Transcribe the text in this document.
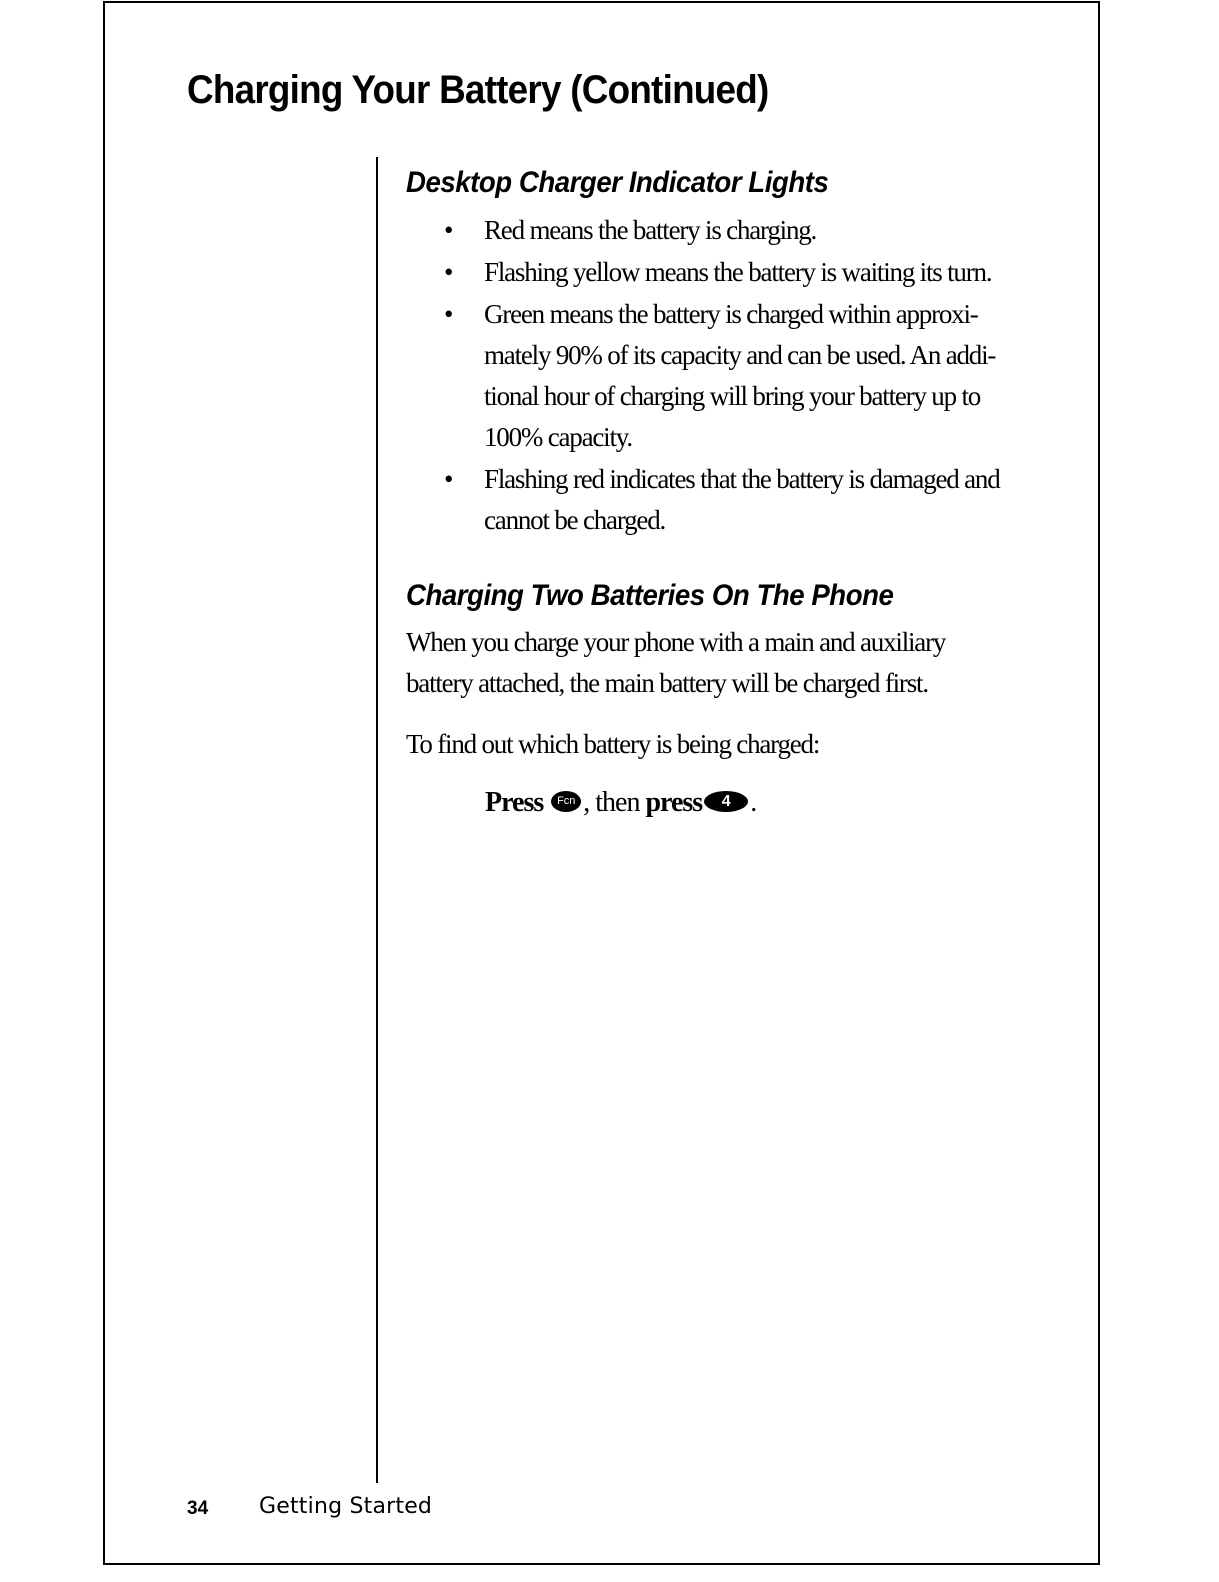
Charging Your Battery (Continued)
Desktop Charger Indicator Lights
• Red means the battery is charging.
• Flashing yellow means the battery is waiting its turn.
• Green means the battery is charged within approxi-mately 90% of its capacity and can be used. An addi-tional hour of charging will bring your battery up to 100% capacity.
• Flashing red indicates that the battery is damaged and cannot be charged.
Charging Two Batteries On The Phone

When you charge your phone with a main and auxiliary battery attached, the main battery will be charged first.

To find out which battery is being charged:

Press Fcn , then press 4 .

34 Getting Started
